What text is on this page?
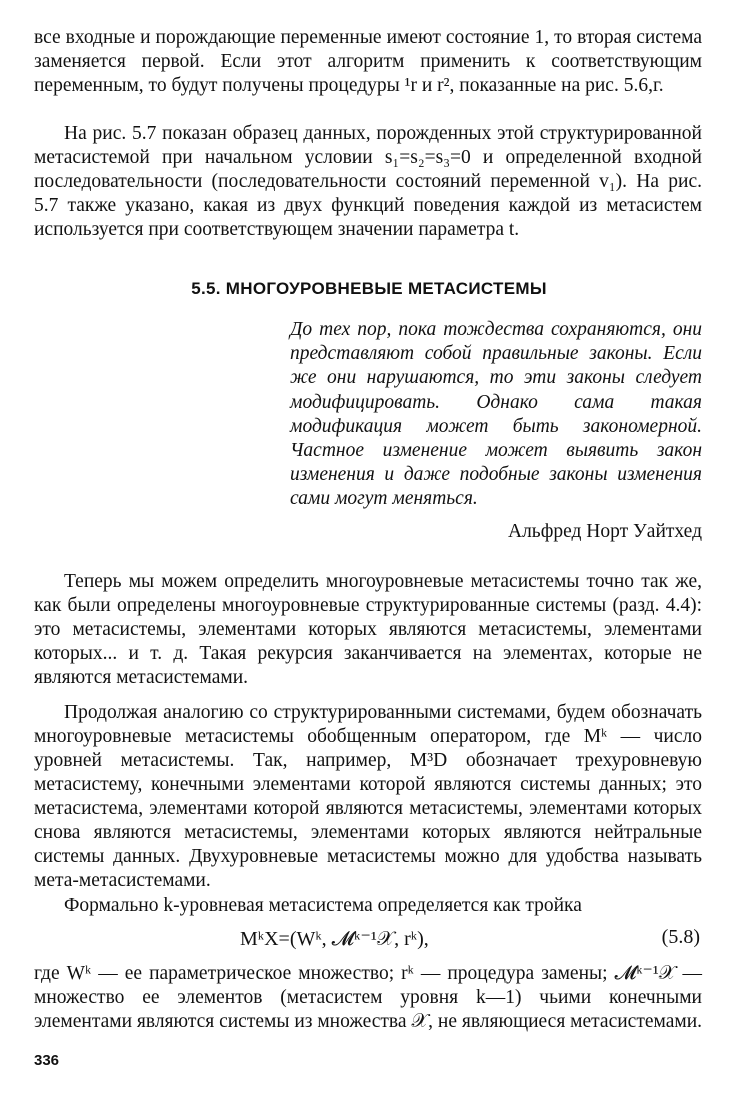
все входные и порождающие переменные имеют состояние 1, то вторая система заменяется первой. Если этот алгоритм применить к соответствующим переменным, то будут получены процедуры ¹r и r², показанные на рис. 5.6,г.

На рис. 5.7 показан образец данных, порожденных этой структурированной метасистемой при начальном условии s₁=s₂=s₃=0 и определенной входной последовательности (последовательности состояний переменной v₁). На рис. 5.7 также указано, какая из двух функций поведения каждой из метасистем используется при соответствующем значении параметра t.

5.5. МНОГОУРОВНЕВЫЕ МЕТАСИСТЕМЫ

До тех пор, пока тождества сохраняются, они представляют собой правильные законы. Если же они нарушаются, то эти законы следует модифицировать. Однако сама такая модификация может быть закономерной. Частное изменение может выявить закон изменения и даже подобные законы изменения сами могут меняться.

Альфред Норт Уайтхед

Теперь мы можем определить многоуровневые метасистемы точно так же, как были определены многоуровневые структурированные системы (разд. 4.4): это метасистемы, элементами которых являются метасистемы, элементами которых... и т. д. Такая рекурсия заканчивается на элементах, которые не являются метасистемами.

Продолжая аналогию со структурированными системами, будем обозначать многоуровневые метасистемы обобщенным оператором, где Mᵏ — число уровней метасистемы. Так, например, M³D обозначает трехуровневую метасистему, конечными элементами которой являются системы данных; это метасистема, элементами которой являются метасистемы, элементами которых снова являются метасистемы, элементами которых являются нейтральные системы данных. Двухуровневые метасистемы можно для удобства называть мета-метасистемами.

Формально k-уровневая метасистема определяется как тройка

MᵏX=(Wᵏ, 𝓜ᵏ⁻¹𝒳, rᵏ),	(5.8)

где Wᵏ — ее параметрическое множество; rᵏ — процедура замены; 𝓜ᵏ⁻¹𝒳 — множество ее элементов (метасистем уровня k—1) чьими конечными элементами являются системы из множества 𝒳, не являющиеся метасистемами.

336
